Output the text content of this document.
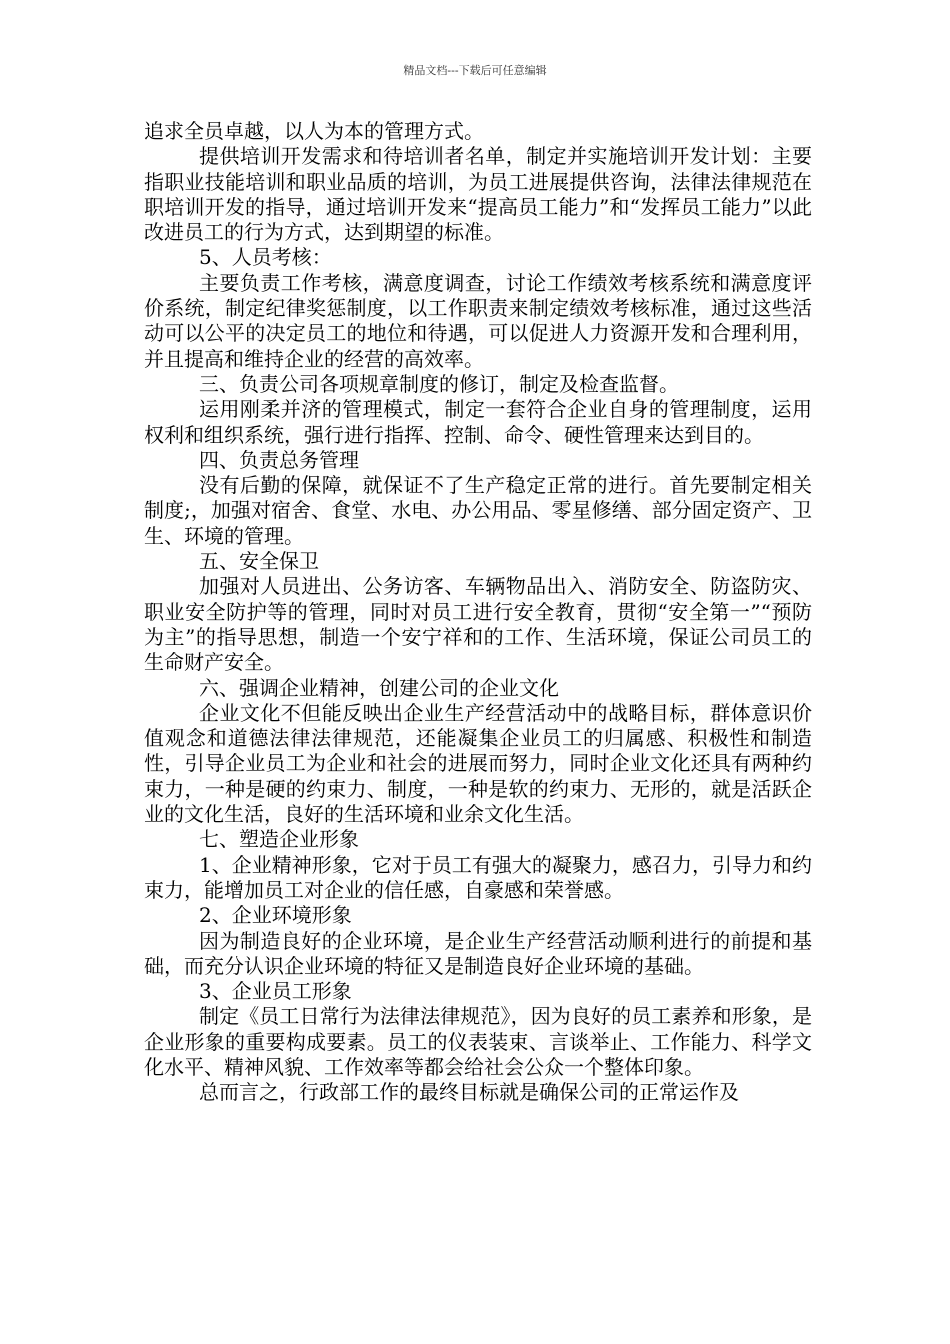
精品文档---下载后可任意编辑

追求全员卓越，以人为本的管理方式。

提供培训开发需求和待培训者名单，制定并实施培训开发计划：主要指职业技能培训和职业品质的培训，为员工进展提供咨询，法律法律规范在职培训开发的指导，通过培训开发来“提高员工能力”和“发挥员工能力”以此改进员工的行为方式，达到期望的标准。

5、人员考核：

主要负责工作考核，满意度调查，讨论工作绩效考核系统和满意度评价系统，制定纪律奖惩制度，以工作职责来制定绩效考核标准，通过这些活动可以公平的决定员工的地位和待遇，可以促进人力资源开发和合理利用，并且提高和维持企业的经营的高效率。

三、负责公司各项规章制度的修订，制定及检查监督。

运用刚柔并济的管理模式，制定一套符合企业自身的管理制度，运用权利和组织系统，强行进行指挥、控制、命令、硬性管理来达到目的。

四、负责总务管理

没有后勤的保障，就保证不了生产稳定正常的进行。首先要制定相关制度;，加强对宿舍、食堂、水电、办公用品、零星修缮、部分固定资产、卫生、环境的管理。

五、安全保卫

加强对人员进出、公务访客、车辆物品出入、消防安全、防盗防灾、职业安全防护等的管理，同时对员工进行安全教育，贯彻“安全第一”“预防为主”的指导思想，制造一个安宁祥和的工作、生活环境，保证公司员工的生命财产安全。

六、强调企业精神，创建公司的企业文化

企业文化不但能反映出企业生产经营活动中的战略目标，群体意识价值观念和道德法律法律规范，还能凝集企业员工的归属感、积极性和制造性，引导企业员工为企业和社会的进展而努力，同时企业文化还具有两种约束力，一种是硬的约束力、制度，一种是软的约束力、无形的，就是活跃企业的文化生活，良好的生活环境和业余文化生活。

七、塑造企业形象

1、企业精神形象，它对于员工有强大的凝聚力，感召力，引导力和约束力，能增加员工对企业的信任感，自豪感和荣誉感。

2、企业环境形象

因为制造良好的企业环境，是企业生产经营活动顺利进行的前提和基础，而充分认识企业环境的特征又是制造良好企业环境的基础。

3、企业员工形象

制定《员工日常行为法律法律规范》，因为良好的员工素养和形象，是企业形象的重要构成要素。员工的仪表装束、言谈举止、工作能力、科学文化水平、精神风貌、工作效率等都会给社会公众一个整体印象。

总而言之，行政部工作的最终目标就是确保公司的正常运作及
